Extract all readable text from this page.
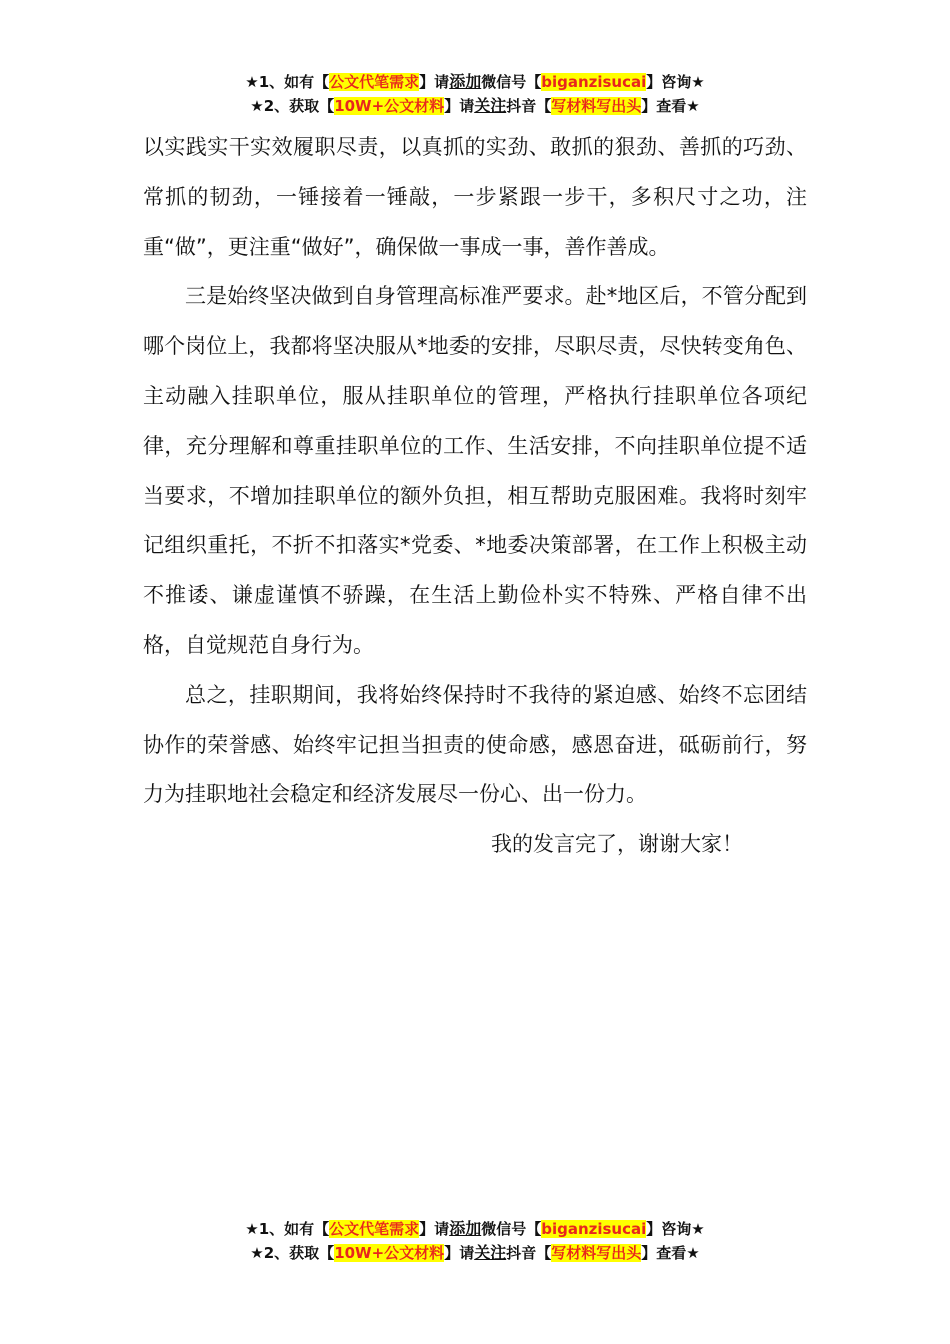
★1、如有【公文代笔需求】请添加微信号【biganzisucai】咨询★
★2、获取【10W+公文材料】请关注抖音【写材料写出头】查看★

以实践实干实效履职尽责，以真抓的实劲、敢抓的狠劲、善抓的巧劲、常抓的韧劲，一锤接着一锤敲，一步紧跟一步干，多积尺寸之功，注重“做”，更注重“做好”，确保做一事成一事，善作善成。

三是始终坚决做到自身管理高标准严要求。赴*地区后，不管分配到哪个岗位上，我都将坚决服从*地委的安排，尽职尽责，尽快转变角色、主动融入挂职单位，服从挂职单位的管理，严格执行挂职单位各项纪律，充分理解和尊重挂职单位的工作、生活安排，不向挂职单位提不适当要求，不增加挂职单位的额外负担，相互帮助克服困难。我将时刻牢记组织重托，不折不扣落实*党委、*地委决策部署，在工作上积极主动不推诿、谦虚谨慎不骄躁，在生活上勤俭朴实不特殊、严格自律不出格，自觉规范自身行为。

总之，挂职期间，我将始终保持时不我待的紧迫感、始终不忘团结协作的荣誉感、始终牢记担当担责的使命感，感恩奋进，砥砺前行，努力为挂职地社会稳定和经济发展尽一份心、出一份力。

我的发言完了，谢谢大家！

★1、如有【公文代笔需求】请添加微信号【biganzisucai】咨询★
★2、获取【10W+公文材料】请关注抖音【写材料写出头】查看★
